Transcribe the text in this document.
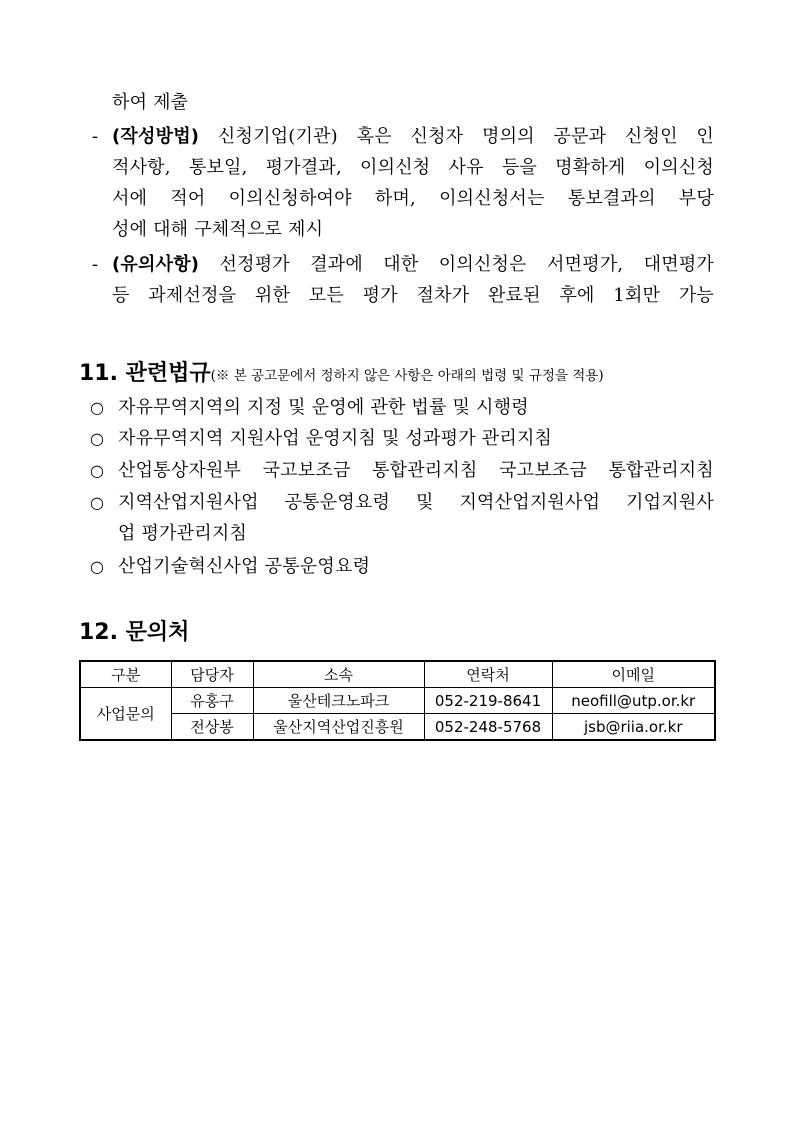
하여 제출
- (작성방법) 신청기업(기관) 혹은 신청자 명의의 공문과 신청인 인
적사항, 통보일, 평가결과, 이의신청 사유 등을 명확하게 이의신청
서에 적어 이의신청하여야 하며, 이의신청서는 통보결과의 부당
성에 대해 구체적으로 제시
- (유의사항) 선정평가 결과에 대한 이의신청은 서면평가, 대면평가
등 과제선정을 위한 모든 평가 절차가 완료된 후에 1회만 가능
11. 관련법규(※ 본 공고문에서 정하지 않은 사항은 아래의 법령 및 규정을 적용)
○ 자유무역지역의 지정 및 운영에 관한 법률 및 시행령
○ 자유무역지역 지원사업 운영지침 및 성과평가 관리지침
○ 산업통상자원부 국고보조금 통합관리지침 국고보조금 통합관리지침
○ 지역산업지원사업 공통운영요령 및 지역산업지원사업 기업지원사
업 평가관리지침
○ 산업기술혁신사업 공통운영요령
12. 문의처
구분	담당자	소속	연락처	이메일
사업문의	유홍구	울산테크노파크	052-219-8641	neofill@utp.or.kr
	전상봉	울산지역산업진흥원	052-248-5768	jsb@riia.or.kr
